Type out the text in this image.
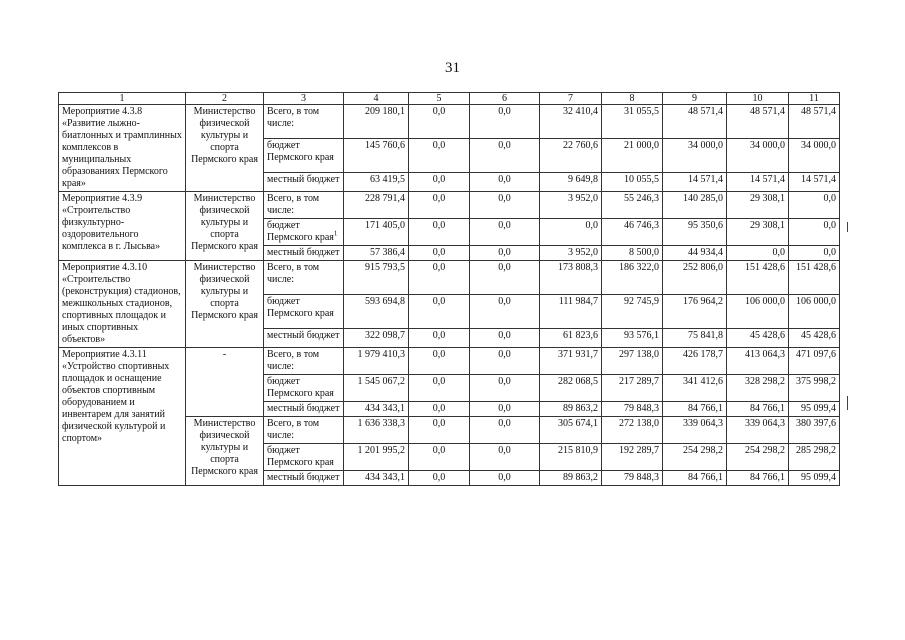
31
1	2	3	4	5	6	7	8	9	10	11
Мероприятие 4.3.8 «Развитие лыжно-биатлонных и трамплинных комплексов в муниципальных образованиях Пермского края»	Министерство физической культуры и спорта Пермского края	Всего, в том числе:	209 180,1	0,0	0,0	32 410,4	31 055,5	48 571,4	48 571,4	48 571,4
		бюджет Пермского края	145 760,6	0,0	0,0	22 760,6	21 000,0	34 000,0	34 000,0	34 000,0
		местный бюджет	63 419,5	0,0	0,0	9 649,8	10 055,5	14 571,4	14 571,4	14 571,4
Мероприятие 4.3.9 «Строительство физкультурно-оздоровительного комплекса в г. Лысьва»	Министерство физической культуры и спорта Пермского края	Всего, в том числе:	228 791,4	0,0	0,0	3 952,0	55 246,3	140 285,0	29 308,1	0,0
		бюджет Пермского края$^1$	171 405,0	0,0	0,0	0,0	46 746,3	95 350,6	29 308,1	0,0
		местный бюджет	57 386,4	0,0	0,0	3 952,0	8 500,0	44 934,4	0,0	0,0
Мероприятие 4.3.10 «Строительство (реконструкция) стадионов, межшкольных стадионов, спортивных площадок и иных спортивных объектов»	Министерство физической культуры и спорта Пермского края	Всего, в том числе:	915 793,5	0,0	0,0	173 808,3	186 322,0	252 806,0	151 428,6	151 428,6
		бюджет Пермского края	593 694,8	0,0	0,0	111 984,7	92 745,9	176 964,2	106 000,0	106 000,0
		местный бюджет	322 098,7	0,0	0,0	61 823,6	93 576,1	75 841,8	45 428,6	45 428,6
Мероприятие 4.3.11 «Устройство спортивных площадок и оснащение объектов спортивным оборудованием и инвентарем для занятий физической культурой и спортом»	-	Всего, в том числе:	1 979 410,3	0,0	0,0	371 931,7	297 138,0	426 178,7	413 064,3	471 097,6
		бюджет Пермского края	1 545 067,2	0,0	0,0	282 068,5	217 289,7	341 412,6	328 298,2	375 998,2
		местный бюджет	434 343,1	0,0	0,0	89 863,2	79 848,3	84 766,1	84 766,1	95 099,4
	Министерство физической культуры и спорта Пермского края	Всего, в том числе:	1 636 338,3	0,0	0,0	305 674,1	272 138,0	339 064,3	339 064,3	380 397,6
		бюджет Пермского края	1 201 995,2	0,0	0,0	215 810,9	192 289,7	254 298,2	254 298,2	285 298,2
		местный бюджет	434 343,1	0,0	0,0	89 863,2	79 848,3	84 766,1	84 766,1	95 099,4
